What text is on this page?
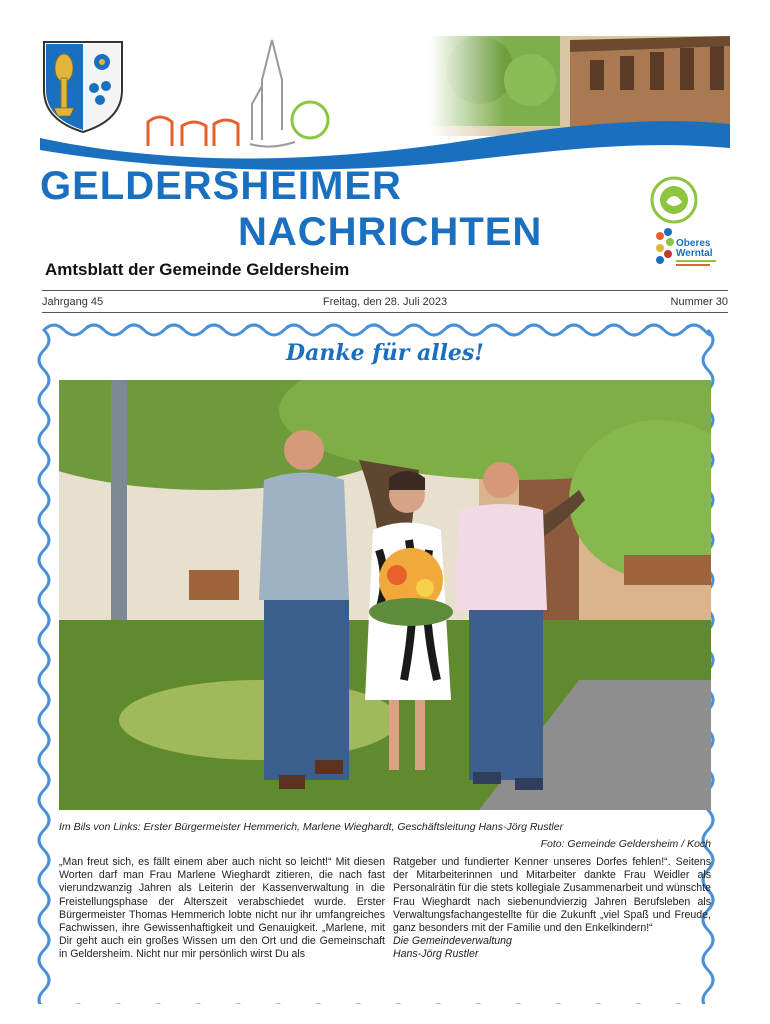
GELDERSHEIMER
NACHRICHTEN
Amtsblatt der Gemeinde Geldersheim
Oberes
Werntal
Jahrgang 45	Freitag, den 28. Juli 2023	Nummer 30
Danke für alles!
Im Bils von Links: Erster Bürgermeister Hemmerich, Marlene Wieghardt, Geschäftsleitung Hans-Jörg Rustler
Foto: Gemeinde Geldersheim / Koch

„Man freut sich, es fällt einem aber auch nicht so leicht!“ Mit diesen Worten darf man Frau Marlene Wieghardt zitieren, die nach fast vierundzwanzig Jahren als Leiterin der Kassenverwaltung in die Freistellungsphase der Alterszeit verabschiedet wurde. Erster Bürgermeister Thomas Hemmerich lobte nicht nur ihr umfangreiches Fachwissen, ihre Gewissenhaftigkeit und Genauigkeit. „Marlene, mit Dir geht auch ein großes Wissen um den Ort und die Gemeinschaft in Geldersheim. Nicht nur mir persönlich wirst Du als

Ratgeber und fundierter Kenner unseres Dorfes fehlen!“. Seitens der Mitarbeiterinnen und Mitarbeiter dankte Frau Weidler als Personalrätin für die stets kollegiale Zusammenarbeit und wünschte Frau Wieghardt nach siebenundvierzig Jahren Berufsleben als Verwaltungsfachangestellte für die Zukunft „viel Spaß und Freude, ganz besonders mit der Familie und den Enkelkindern!“

Die Gemeindeverwaltung

Hans-Jörg Rustler
